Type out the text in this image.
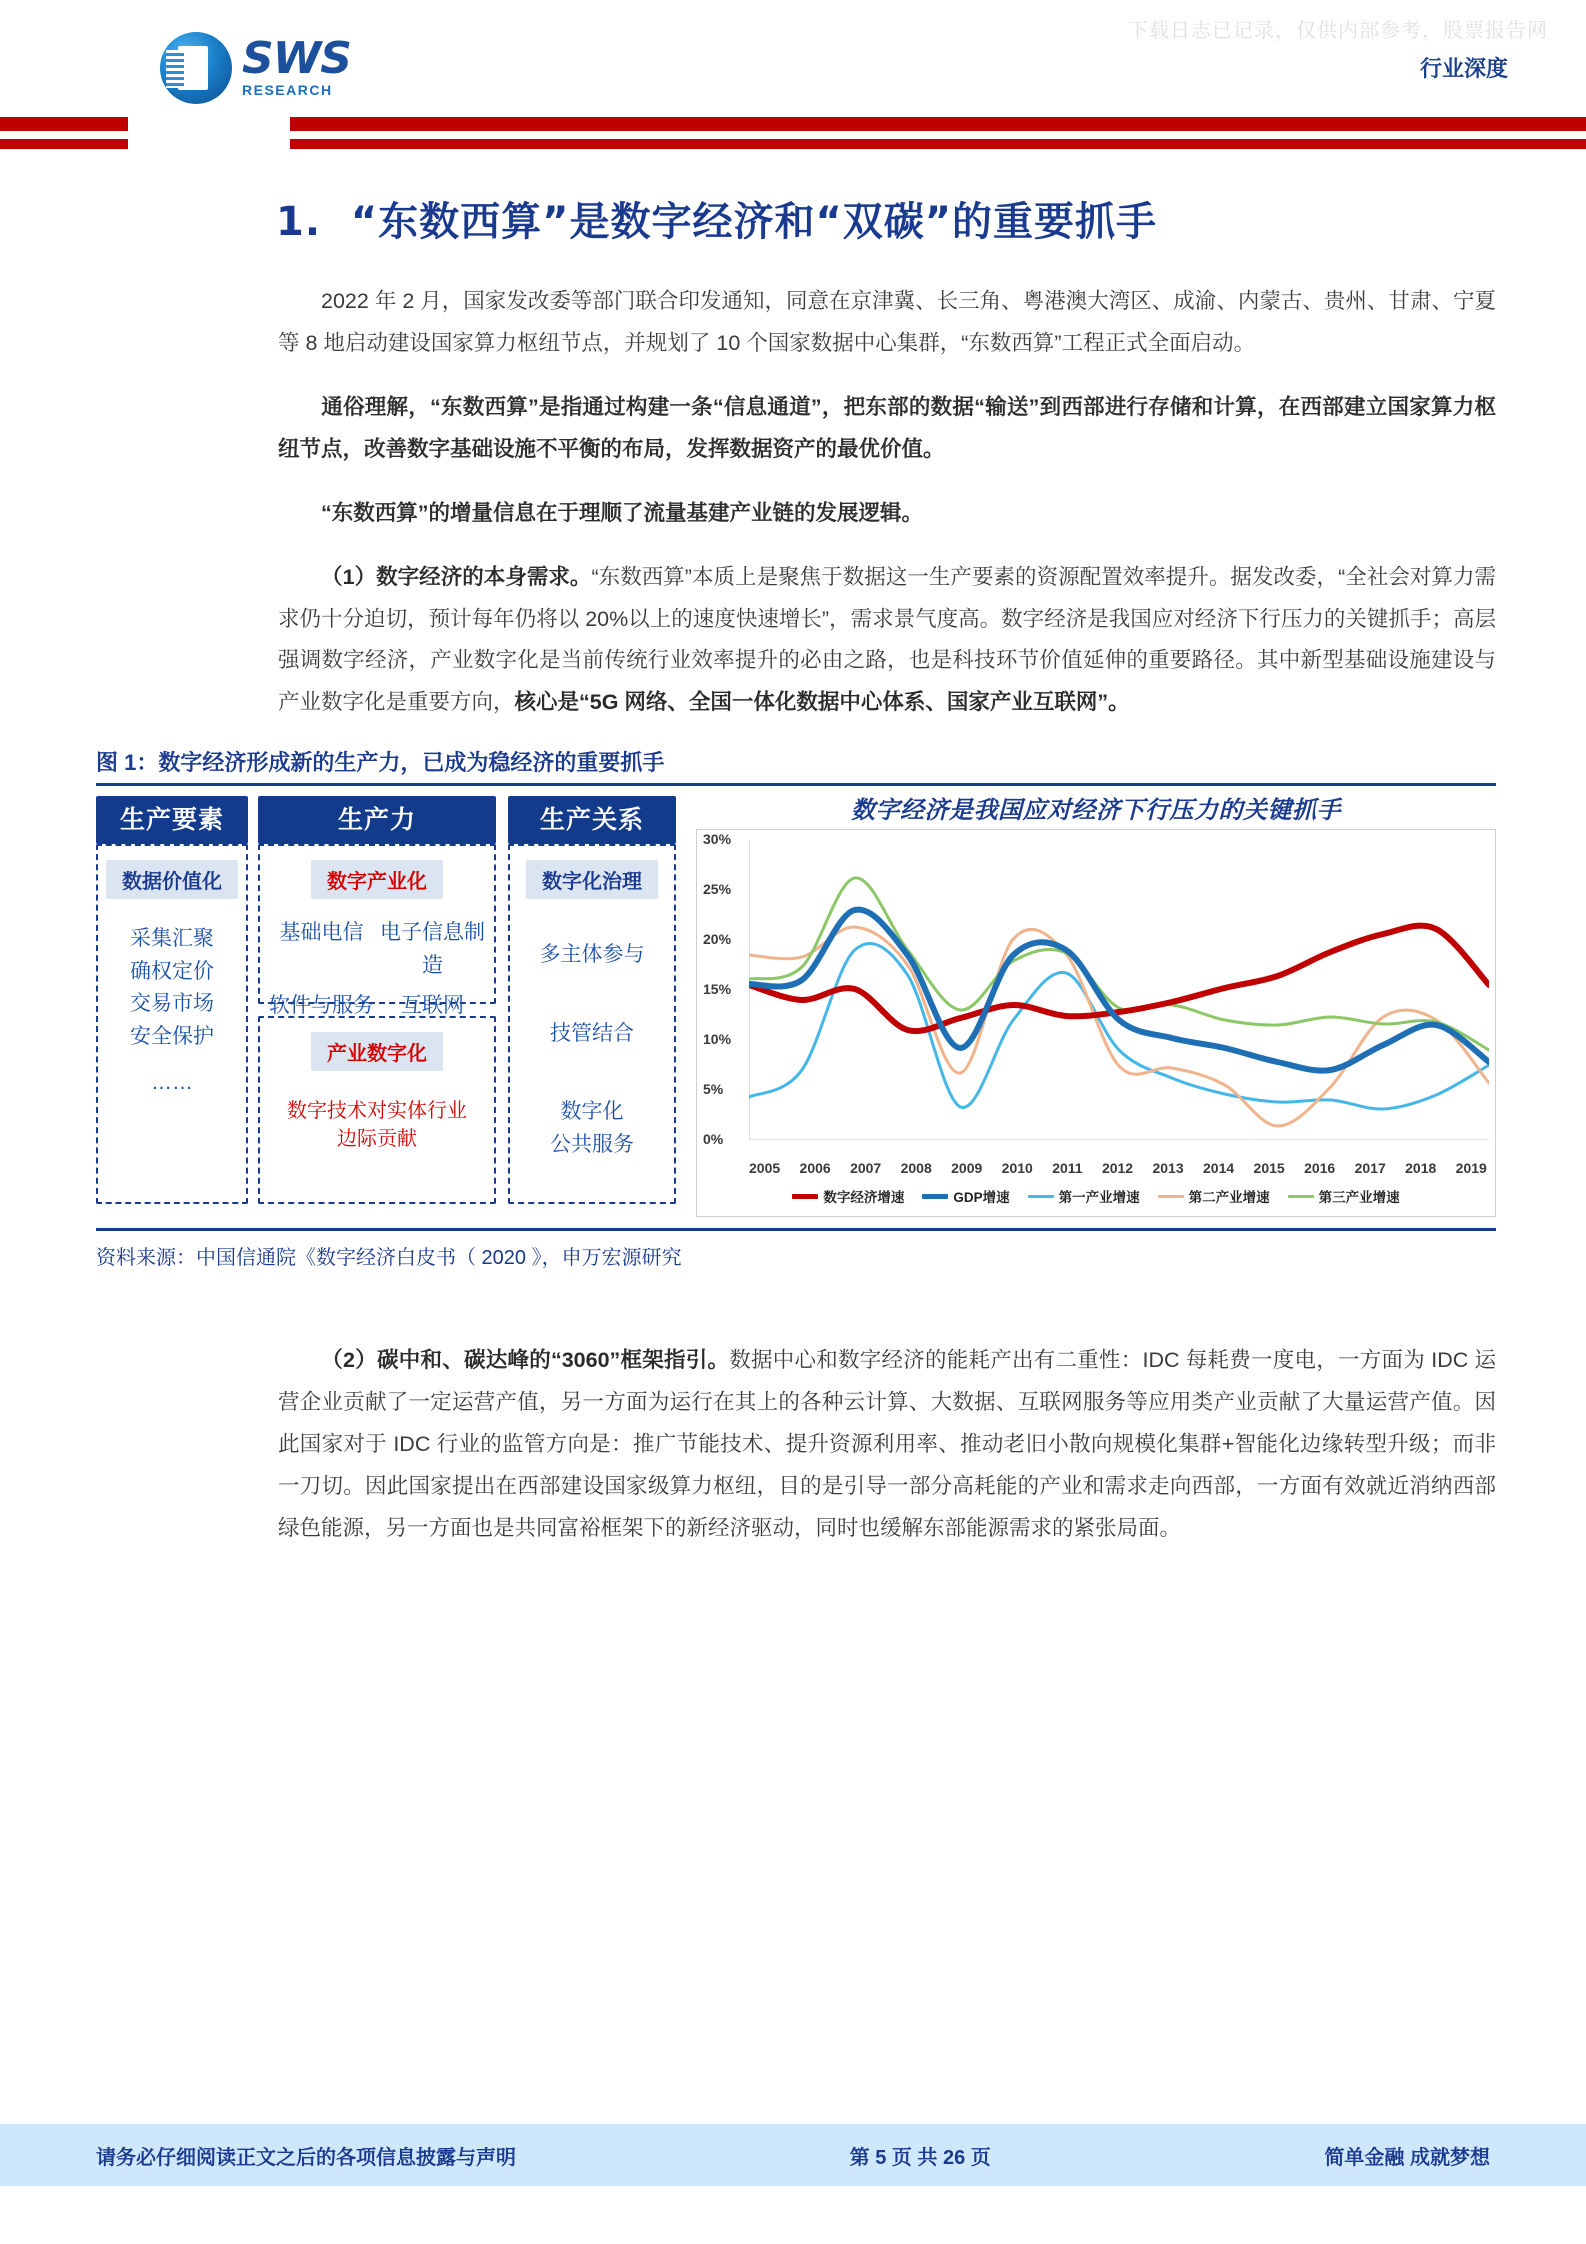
下载日志已记录，仅供内部参考，股票报告网
SWS
RESEARCH
行业深度
1. “东数西算”是数字经济和“双碳”的重要抓手

2022 年 2 月，国家发改委等部门联合印发通知，同意在京津冀、长三角、粤港澳大湾区、成渝、内蒙古、贵州、甘肃、宁夏等 8 地启动建设国家算力枢纽节点，并规划了 10 个国家数据中心集群，“东数西算”工程正式全面启动。

通俗理解，“东数西算”是指通过构建一条“信息通道”，把东部的数据“输送”到西部进行存储和计算，在西部建立国家算力枢纽节点，改善数字基础设施不平衡的布局，发挥数据资产的最优价值。

“东数西算”的增量信息在于理顺了流量基建产业链的发展逻辑。

（1）数字经济的本身需求。“东数西算”本质上是聚焦于数据这一生产要素的资源配置效率提升。据发改委，“全社会对算力需求仍十分迫切，预计每年仍将以 20%以上的速度快速增长”，需求景气度高。数字经济是我国应对经济下行压力的关键抓手；高层强调数字经济，产业数字化是当前传统行业效率提升的必由之路，也是科技环节价值延伸的重要路径。其中新型基础设施建设与产业数字化是重要方向，核心是“5G 网络、全国一体化数据中心体系、国家产业互联网”。

图 1：数字经济形成新的生产力，已成为稳经济的重要抓手
生产要素
数据价值化
采集汇聚
确权定价
交易市场
安全保护
……
生产力
数字产业化
基础电信 电子信息制造
软件与服务	互联网
产业数字化
数字技术对实体行业
边际贡献
生产关系
数字化治理
多主体参与
技管结合
数字化
公共服务
数字经济是我国应对经济下行压力的关键抓手
0%
5%
10%
15%
20%
25%
30%
2005 2006 2007 2008 2009 2010 2011 2012 2013 2014 2015 2016 2017 2018 2019
数字经济增速	GDP增速	第一产业增速	第二产业增速	第三产业增速
资料来源：中国信通院《数字经济白皮书（ 2020 》，申万宏源研究

（2）碳中和、碳达峰的“3060”框架指引。数据中心和数字经济的能耗产出有二重性：IDC 每耗费一度电，一方面为 IDC 运营企业贡献了一定运营产值，另一方面为运行在其上的各种云计算、大数据、互联网服务等应用类产业贡献了大量运营产值。因此国家对于 IDC 行业的监管方向是：推广节能技术、提升资源利用率、推动老旧小散向规模化集群+智能化边缘转型升级；而非一刀切。因此国家提出在西部建设国家级算力枢纽，目的是引导一部分高耗能的产业和需求走向西部，一方面有效就近消纳西部绿色能源，另一方面也是共同富裕框架下的新经济驱动，同时也缓解东部能源需求的紧张局面。

请务必仔细阅读正文之后的各项信息披露与声明	第 5 页 共 26 页	简单金融 成就梦想
